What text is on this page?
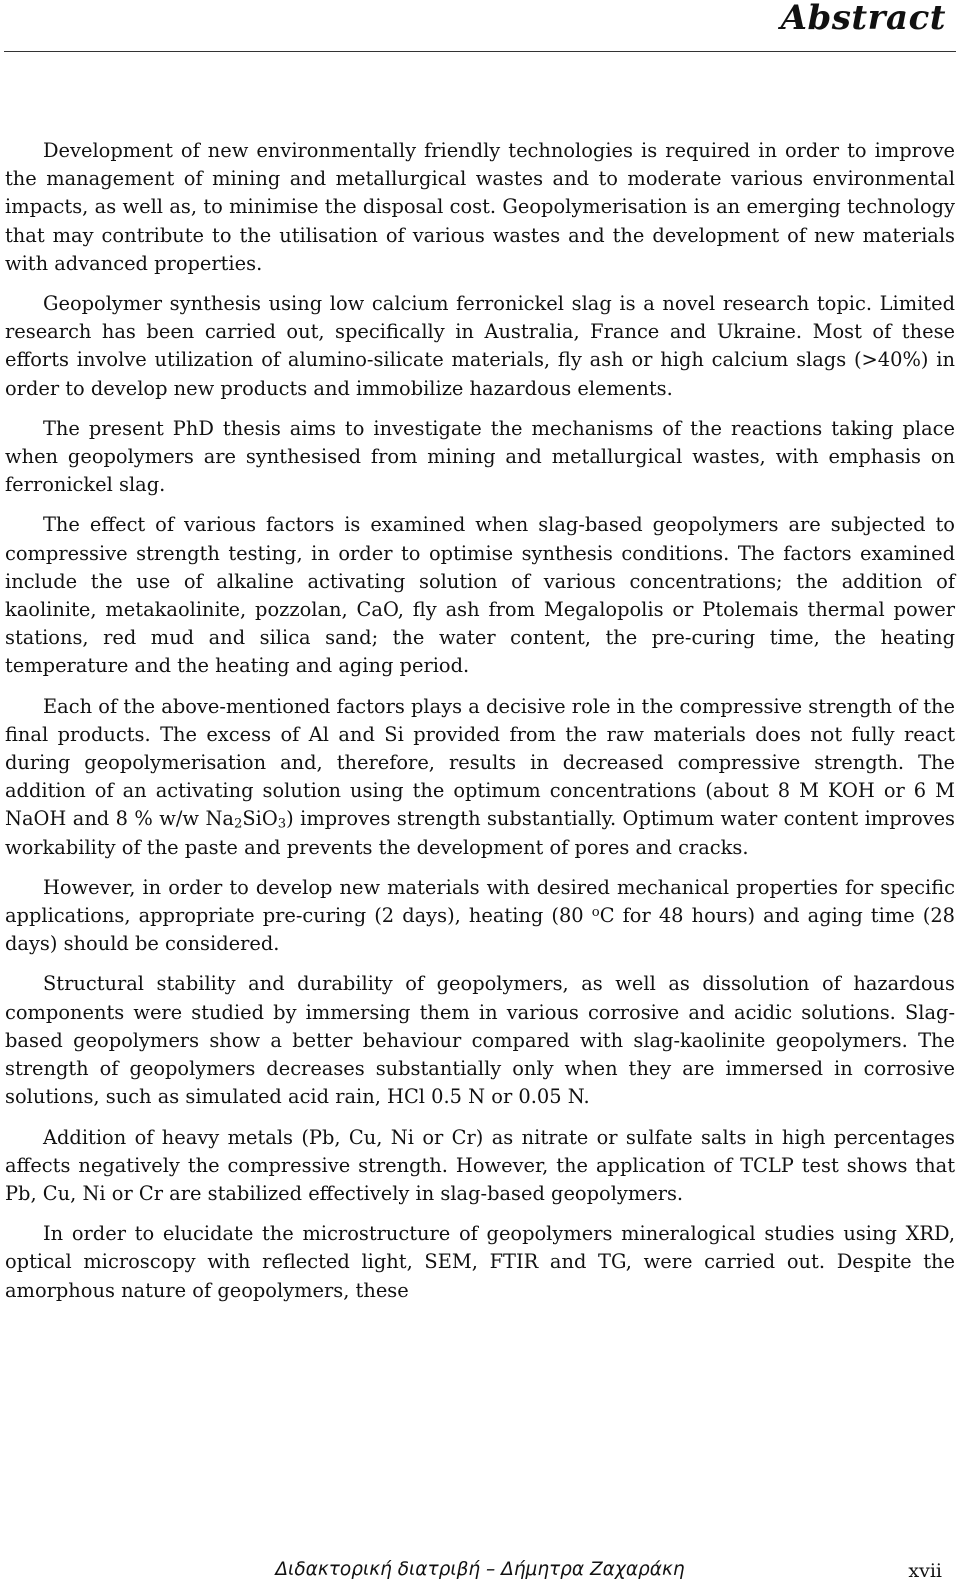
Abstract

Development of new environmentally friendly technologies is required in order to improve the management of mining and metallurgical wastes and to moderate various environmental impacts, as well as, to minimise the disposal cost. Geopolymerisation is an emerging technology that may contribute to the utilisation of various wastes and the development of new materials with advanced properties.

Geopolymer synthesis using low calcium ferronickel slag is a novel research topic. Limited research has been carried out, specifically in Australia, France and Ukraine. Most of these efforts involve utilization of alumino-silicate materials, fly ash or high calcium slags (>40%) in order to develop new products and immobilize hazardous elements.

The present PhD thesis aims to investigate the mechanisms of the reactions taking place when geopolymers are synthesised from mining and metallurgical wastes, with emphasis on ferronickel slag.

The effect of various factors is examined when slag-based geopolymers are subjected to compressive strength testing, in order to optimise synthesis conditions. The factors examined include the use of alkaline activating solution of various concentrations; the addition of kaolinite, metakaolinite, pozzolan, CaO, fly ash from Megalopolis or Ptolemais thermal power stations, red mud and silica sand; the water content, the pre-curing time, the heating temperature and the heating and aging period.

Each of the above-mentioned factors plays a decisive role in the compressive strength of the final products. The excess of Al and Si provided from the raw materials does not fully react during geopolymerisation and, therefore, results in decreased compressive strength. The addition of an activating solution using the optimum concentrations (about 8 M KOH or 6 M NaOH and 8 % w/w $Na_2SiO_3$) improves strength substantially. Optimum water content improves workability of the paste and prevents the development of pores and cracks.

However, in order to develop new materials with desired mechanical properties for specific applications, appropriate pre-curing (2 days), heating (80 $^o$C for 48 hours) and aging time (28 days) should be considered.

Structural stability and durability of geopolymers, as well as dissolution of hazardous components were studied by immersing them in various corrosive and acidic solutions. Slag-based geopolymers show a better behaviour compared with slag-kaolinite geopolymers. The strength of geopolymers decreases substantially only when they are immersed in corrosive solutions, such as simulated acid rain, HCl 0.5 N or 0.05 N.

Addition of heavy metals (Pb, Cu, Ni or Cr) as nitrate or sulfate salts in high percentages affects negatively the compressive strength. However, the application of TCLP test shows that Pb, Cu, Ni or Cr are stabilized effectively in slag-based geopolymers.

In order to elucidate the microstructure of geopolymers mineralogical studies using XRD, optical microscopy with reflected light, SEM, FTIR and TG, were carried out. Despite the amorphous nature of geopolymers, these

Διδακτορική διατριβή – Δήμητρα Ζαχαράκη	xvii
